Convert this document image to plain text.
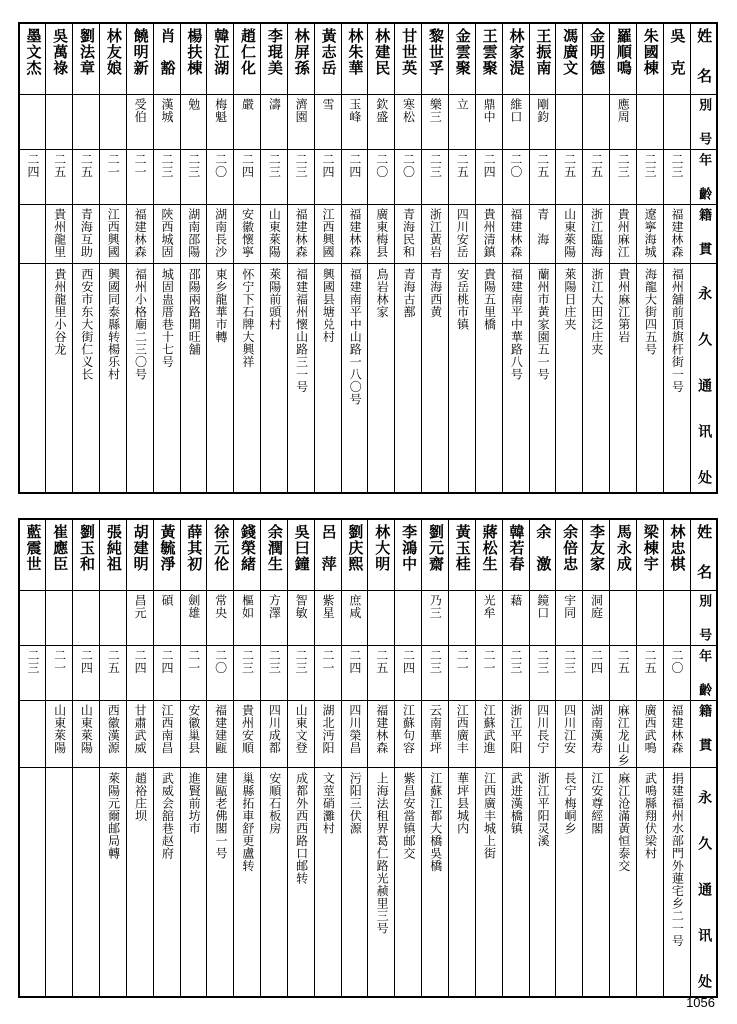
墨文杰	吳萬祿	劉法章	林友娘	饒明新	肖　豁	楊扶棟	韓江湖	趙仁化	李琨美	林屏孫	黃志岳	林朱華	林建民	甘世英	黎世孚	金雲聚	王雲聚	林家湜	王振南	馮廣文	金明德	羅順鳴	朱國棟	吳　克	姓　名

				受伯	漢城	勉	梅魁	嚴	濤	濟園	雪	玉峰	欽盛	寒松	樂三	立	鼎中	維口	剛鈞			應周			別　号

二四	二五	二五	二一	二一	二三	二三	二〇	二四	二三	二三	二四	二四	二〇	二〇	二三	二五	二四	二〇	二五	二五	二五	二三	二三	二三	年　齡

	貴州龍里	青海互助	江西興國	福建林森	陝西城固	湖南邵陽	湖南長沙	安徽懷寧	山東萊陽	福建林森	江西興國	福建林森	廣東梅县	青海民和	浙江黃岩	四川安岳	貴州清鎮	福建林森	青　海	山東萊陽	浙江臨海	貴州麻江	遼寧海城	福建林森	籍　貫

	貴州龍里小谷龙	西安市东大街仁义长	興國同泰縣转楊乐村	福州小格廟二三〇号	城固蛊厝巷十七号	邵陽兩路開旺舖	東乡龍華市轉	怀宁下石牌大興祥	萊陽前頭村	福建福州懷山路三一号	興國县塘兑村	福建南平中山路一八〇号	鳥岩林家	青海古鄯	青海西黄	安岳桃市镇	貴陽五里橋	福建南平中華路八号	蘭州市黃家園五一号	萊陽日庄夹	浙江大田泛庄夹	貴州麻江第岩	海龍大街四五号	福州舖前頂旗杆街一号	永 久 通 讯 处
藍震世	崔應臣	劉玉和	張純祖	胡建明	黃毓淨	薛其初	徐元伦	錢榮緒	余潤生	吳曰鐘	呂　萍	劉庆熙	林大明	李鴻中	劉元齋	黃玉桂	蔣松生	韓若春	余　激	余倍忠	李友家	馬永成	梁棟宇	林忠棋	姓　名

				昌元	碩	劍雄	常央	樞如	方澤	智敏	紫星	庶咸			乃三		光牟	藉	鏡口	宇同	洞庭				別　号

二三	二一	二四	二五	二四	二四	二一	二〇	二三	二三	二三	二一	二四	二五	二四	二三	二一	二一	二三	二三	二三	二四	二五	二五	二〇	年　齡

	山東萊陽	山東萊陽	西徽漢源	甘肅武威	江西南昌	安徽巢县	福建建甌	貴州安順	四川成都	山東文登	湖北沔阳	四川榮昌	福建林森	江蘇句容	云南華坪	江西廣丰	江蘇武進	浙江平阳	四川長宁	四川江安	湖南漢寿	麻江龙山乡	廣西武鳴	福建林森	籍　貫

			萊陽元爾邮局轉	趙裕庄坝	武威会舘巷赵府	進賢前坊市	建甌老佛閣一号	巢縣拓車舒更盧转	安順石板房	成都外西西路口邮转	文莖硝灘村	污阳三伏源	上海法租界葛仁路光赪里三号	紫昌安當镇邮交	江蘇江都大橋吳橋	華坪县城内	江西廣丰城上街	武进漢橋镇	浙江平阳灵溪	長宁梅峒乡	江安尊經閣	麻江沧滿黃恒泰交	武鳴縣翔伏梁村	捐建福州水部門外蓮宅乡二一号	永 久 通 讯 处
1056
